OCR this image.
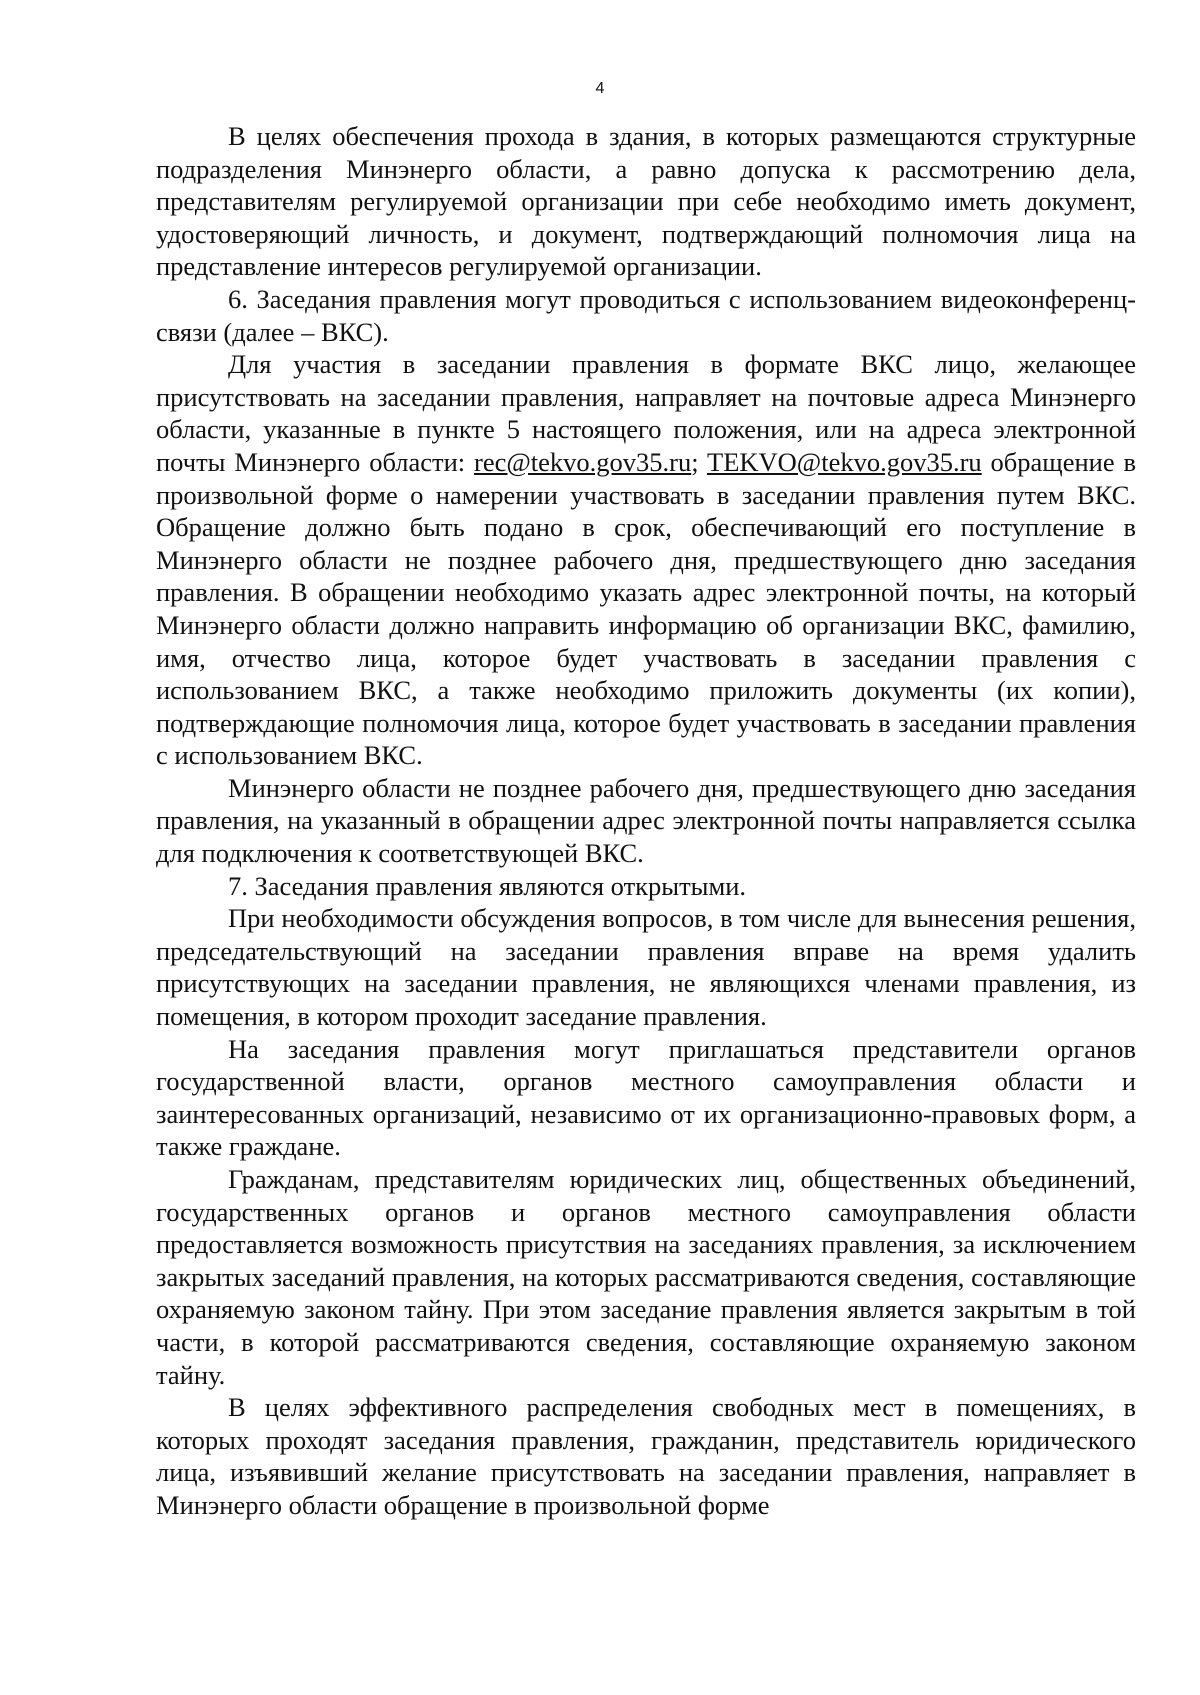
4

В целях обеспечения прохода в здания, в которых размещаются структурные подразделения Минэнерго области, а равно допуска к рассмотрению дела, представителям регулируемой организации при себе необходимо иметь документ, удостоверяющий личность, и документ, подтверждающий полномочия лица на представление интересов регулируемой организации.

6. Заседания правления могут проводиться с использованием видеоконференц-связи (далее – ВКС).

Для участия в заседании правления в формате ВКС лицо, желающее присутствовать на заседании правления, направляет на почтовые адреса Минэнерго области, указанные в пункте 5 настоящего положения, или на адреса электронной почты Минэнерго области: rec@tekvo.gov35.ru; TEKVO@tekvo.gov35.ru обращение в произвольной форме о намерении участвовать в заседании правления путем ВКС. Обращение должно быть подано в срок, обеспечивающий его поступление в Минэнерго области не позднее рабочего дня, предшествующего дню заседания правления. В обращении необходимо указать адрес электронной почты, на который Минэнерго области должно направить информацию об организации ВКС, фамилию, имя, отчество лица, которое будет участвовать в заседании правления с использованием ВКС, а также необходимо приложить документы (их копии), подтверждающие полномочия лица, которое будет участвовать в заседании правления с использованием ВКС.

Минэнерго области не позднее рабочего дня, предшествующего дню заседания правления, на указанный в обращении адрес электронной почты направляется ссылка для подключения к соответствующей ВКС.

7. Заседания правления являются открытыми.

При необходимости обсуждения вопросов, в том числе для вынесения решения, председательствующий на заседании правления вправе на время удалить присутствующих на заседании правления, не являющихся членами правления, из помещения, в котором проходит заседание правления.

На заседания правления могут приглашаться представители органов государственной власти, органов местного самоуправления области и заинтересованных организаций, независимо от их организационно-правовых форм, а также граждане.

Гражданам, представителям юридических лиц, общественных объединений, государственных органов и органов местного самоуправления области предоставляется возможность присутствия на заседаниях правления, за исключением закрытых заседаний правления, на которых рассматриваются сведения, составляющие охраняемую законом тайну. При этом заседание правления является закрытым в той части, в которой рассматриваются сведения, составляющие охраняемую законом тайну.

В целях эффективного распределения свободных мест в помещениях, в которых проходят заседания правления, гражданин, представитель юридического лица, изъявивший желание присутствовать на заседании правления, направляет в Минэнерго области обращение в произвольной форме
